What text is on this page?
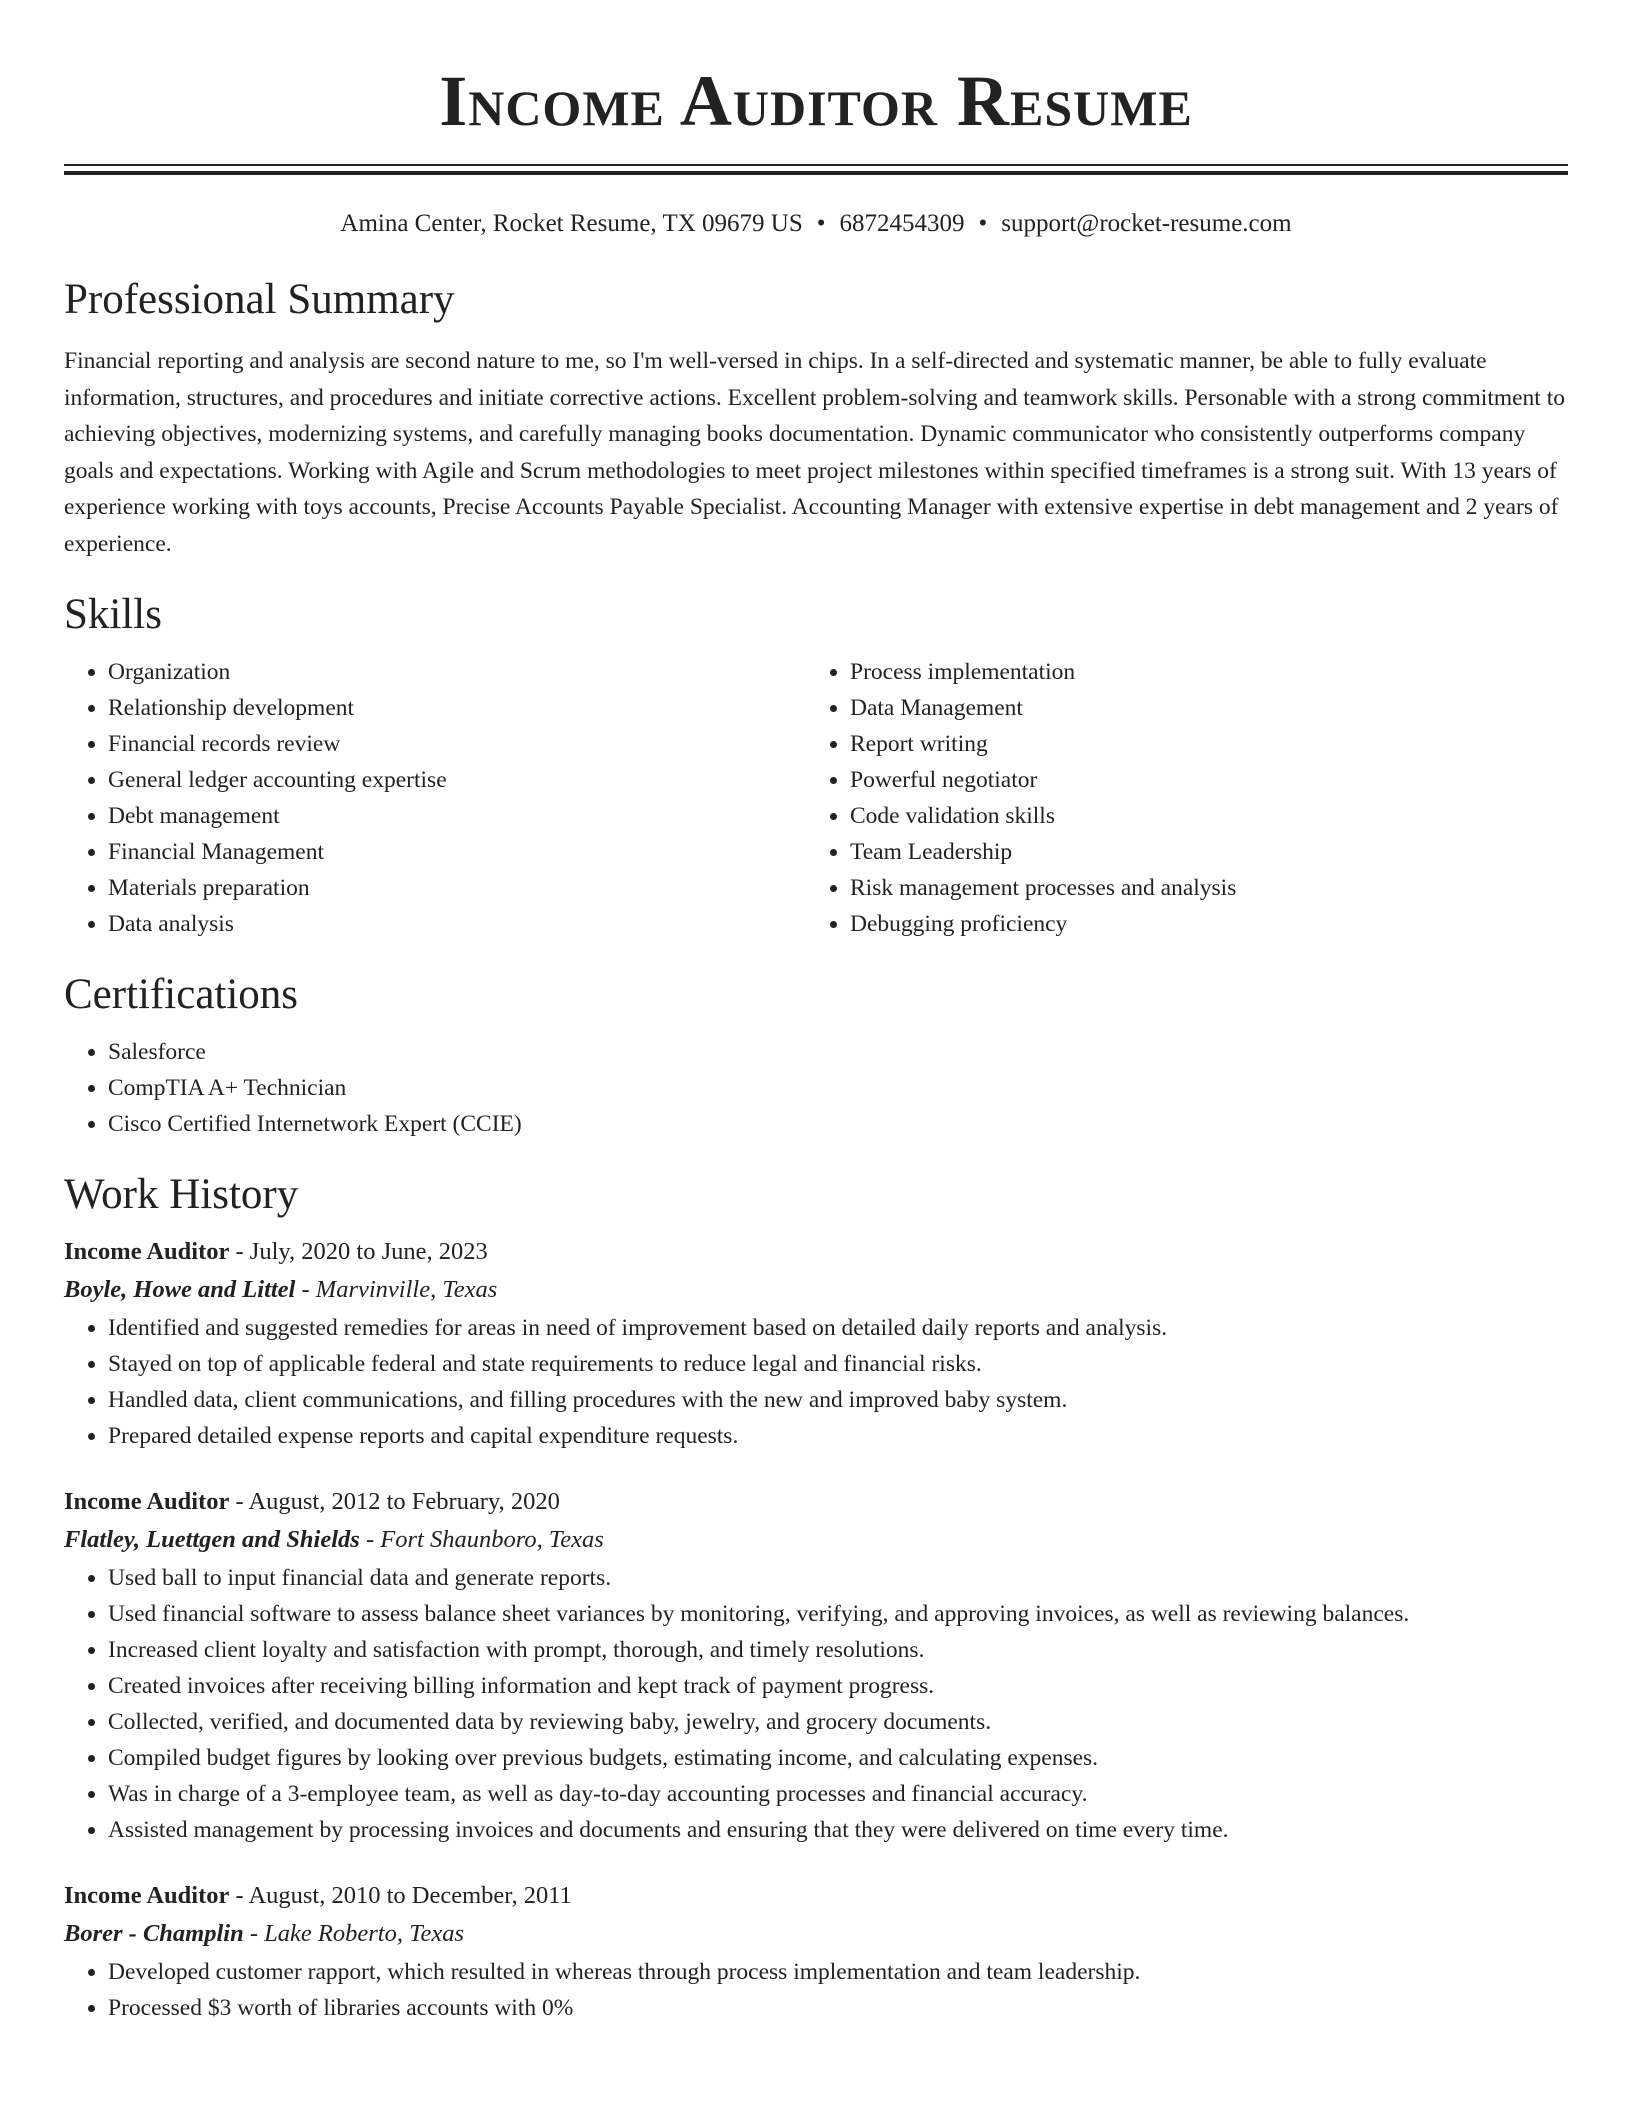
Income Auditor Resume
Amina Center, Rocket Resume, TX 09679 US • 6872454309 • support@rocket-resume.com
Professional Summary
Financial reporting and analysis are second nature to me, so I'm well-versed in chips. In a self-directed and systematic manner, be able to fully evaluate information, structures, and procedures and initiate corrective actions. Excellent problem-solving and teamwork skills. Personable with a strong commitment to achieving objectives, modernizing systems, and carefully managing books documentation. Dynamic communicator who consistently outperforms company goals and expectations. Working with Agile and Scrum methodologies to meet project milestones within specified timeframes is a strong suit. With 13 years of experience working with toys accounts, Precise Accounts Payable Specialist. Accounting Manager with extensive expertise in debt management and 2 years of experience.
Skills
• Organization
• Relationship development
• Financial records review
• General ledger accounting expertise
• Debt management
• Financial Management
• Materials preparation
• Data analysis
• Process implementation
• Data Management
• Report writing
• Powerful negotiator
• Code validation skills
• Team Leadership
• Risk management processes and analysis
• Debugging proficiency
Certifications
• Salesforce
• CompTIA A+ Technician
• Cisco Certified Internetwork Expert (CCIE)
Work History
Income Auditor - July, 2020 to June, 2023
Boyle, Howe and Littel - Marvinville, Texas
• Identified and suggested remedies for areas in need of improvement based on detailed daily reports and analysis.
• Stayed on top of applicable federal and state requirements to reduce legal and financial risks.
• Handled data, client communications, and filling procedures with the new and improved baby system.
• Prepared detailed expense reports and capital expenditure requests.
Income Auditor - August, 2012 to February, 2020
Flatley, Luettgen and Shields - Fort Shaunboro, Texas
• Used ball to input financial data and generate reports.
• Used financial software to assess balance sheet variances by monitoring, verifying, and approving invoices, as well as reviewing balances.
• Increased client loyalty and satisfaction with prompt, thorough, and timely resolutions.
• Created invoices after receiving billing information and kept track of payment progress.
• Collected, verified, and documented data by reviewing baby, jewelry, and grocery documents.
• Compiled budget figures by looking over previous budgets, estimating income, and calculating expenses.
• Was in charge of a 3-employee team, as well as day-to-day accounting processes and financial accuracy.
• Assisted management by processing invoices and documents and ensuring that they were delivered on time every time.
Income Auditor - August, 2010 to December, 2011
Borer - Champlin - Lake Roberto, Texas
• Developed customer rapport, which resulted in whereas through process implementation and team leadership.
• Processed $3 worth of libraries accounts with 0%
